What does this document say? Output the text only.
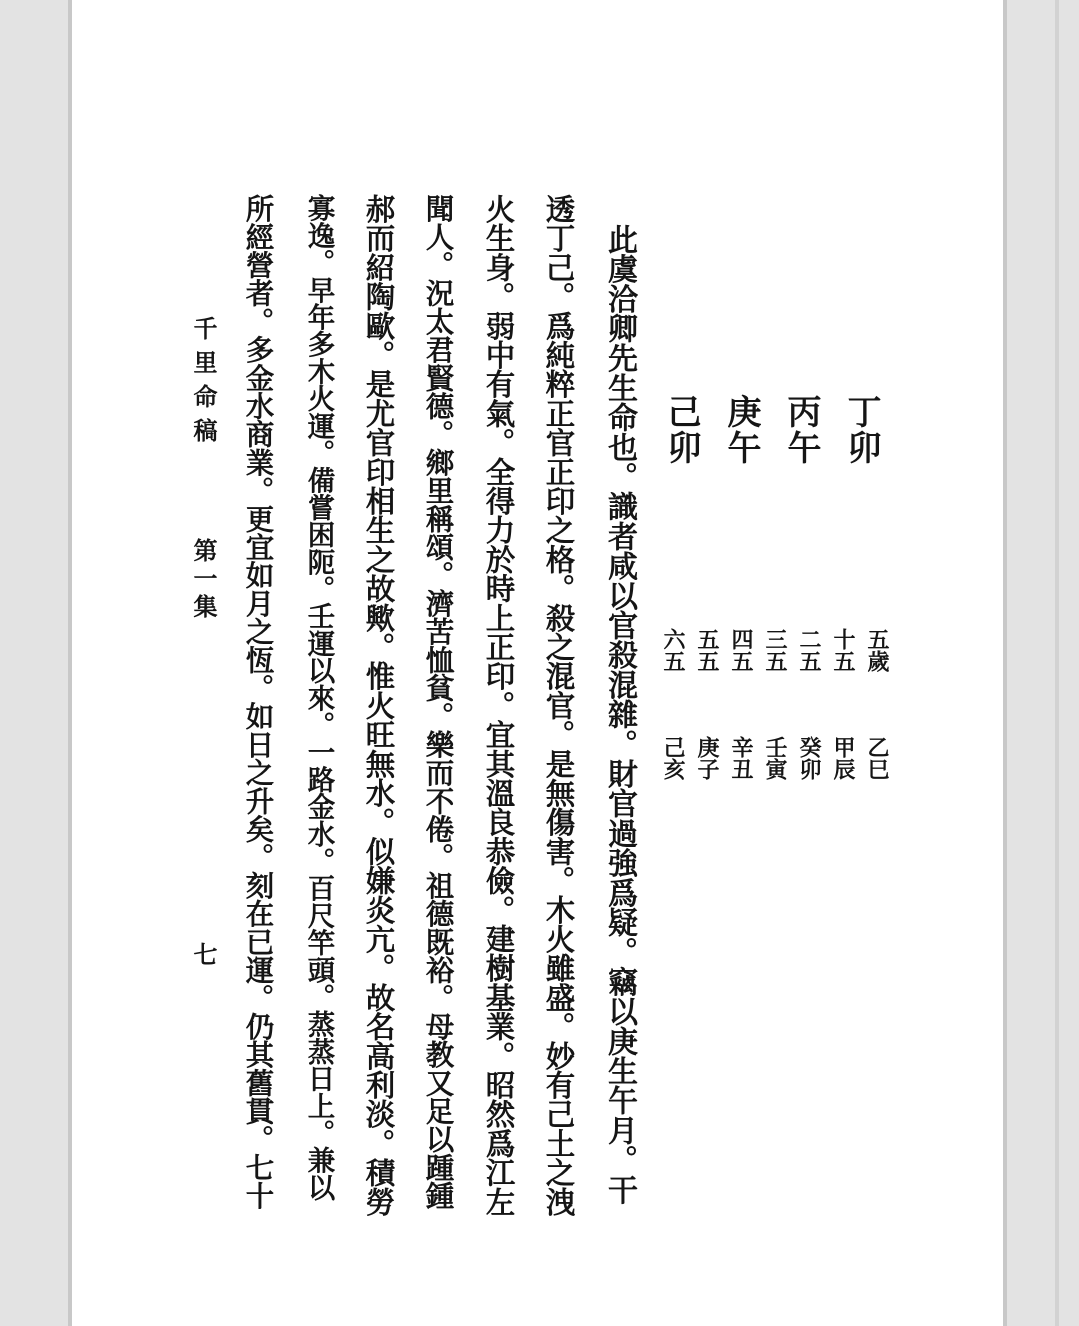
丁卯
丙午
庚午
己卯
五歲
十五
二五
三五
四五
五五
六五
乙巳
甲辰
癸卯
壬寅
辛丑
庚子
己亥
此虞洽卿先生命也。識者咸以官殺混雜。財官過強爲疑。竊以庚生午月。干
透丁己。爲純粹正官正印之格。殺之混官。是無傷害。木火雖盛。妙有己土之洩
火生身。弱中有氣。全得力於時上正印。宜其溫良恭儉。建樹基業。昭然爲江左
聞人。況太君賢德。鄉里稱頌。濟苦恤貧。樂而不倦。祖德既裕。母教又足以踵鍾
郝而紹陶歐。是尤官印相生之故歟。惟火旺無水。似嫌炎亢。故名高利淡。積勞
寡逸。早年多木火運。備嘗困阨。壬運以來。一路金水。百尺竿頭。蒸蒸日上。兼以
所經營者。多金水商業。更宜如月之恆。如日之升矣。刻在已運。仍其舊貫。七十
千里命稿
第一集
七
